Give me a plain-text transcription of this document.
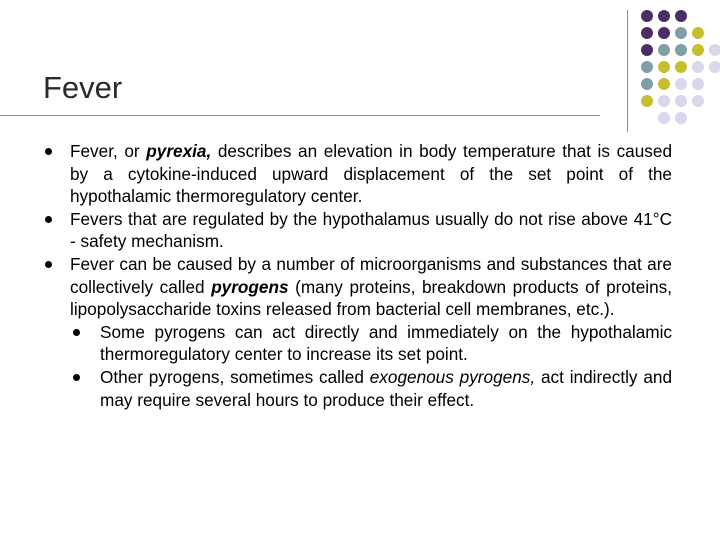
Fever
Fever, or pyrexia, describes an elevation in body temperature that is caused by a cytokine-induced upward displacement of the set point of the hypothalamic thermoregulatory center.
Fevers that are regulated by the hypothalamus usually do not rise above 41°C - safety mechanism.
Fever can be caused by a number of microorganisms and substances that are collectively called pyrogens (many proteins, breakdown products of proteins, lipopolysaccharide toxins released from bacterial cell membranes, etc.).
Some pyrogens can act directly and immediately on the hypothalamic thermoregulatory center to increase its set point.
Other pyrogens, sometimes called exogenous pyrogens, act indirectly and may require several hours to produce their effect.
